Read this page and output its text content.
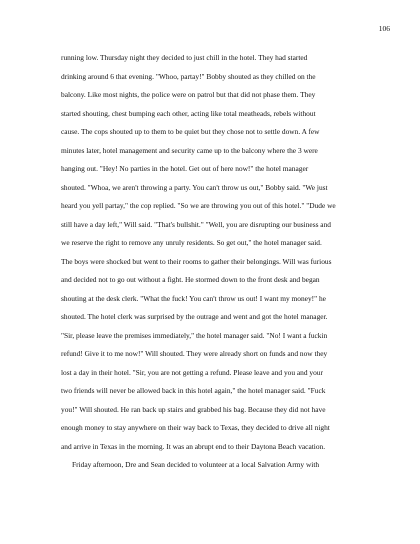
106
running low. Thursday night they decided to just chill in the hotel. They had started
drinking around 6 that evening. "Whoo, partay!" Bobby shouted as they chilled on the
balcony. Like most nights, the police were on patrol but that did not phase them. They
started shouting, chest bumping each other, acting like total meatheads, rebels without
cause. The cops shouted up to them to be quiet but they chose not to settle down. A few
minutes later, hotel management and security came up to the balcony where the 3 were
hanging out. "Hey! No parties in the hotel. Get out of here now!" the hotel manager
shouted. "Whoa, we aren't throwing a party. You can't throw us out," Bobby said. "We just
heard you yell partay," the cop replied. "So we are throwing you out of this hotel." "Dude we
still have a day left," Will said. "That's bullshit." "Well, you are disrupting our business and
we reserve the right to remove any unruly residents. So get out," the hotel manager said.
The boys were shocked but went to their rooms to gather their belongings. Will was furious
and decided not to go out without a fight. He stormed down to the front desk and began
shouting at the desk clerk. "What the fuck! You can't throw us out! I want my money!" he
shouted. The hotel clerk was surprised by the outrage and went and got the hotel manager.
"Sir, please leave the premises immediately," the hotel manager said. "No! I want a fuckin
refund! Give it to me now!" Will shouted. They were already short on funds and now they
lost a day in their hotel. "Sir, you are not getting a refund. Please leave and you and your
two friends will never be allowed back in this hotel again," the hotel manager said. "Fuck
you!" Will shouted. He ran back up stairs and grabbed his bag. Because they did not have
enough money to stay anywhere on their way back to Texas, they decided to drive all night
and arrive in Texas in the morning. It was an abrupt end to their Daytona Beach vacation.
Friday afternoon, Dre and Sean decided to volunteer at a local Salvation Army with
